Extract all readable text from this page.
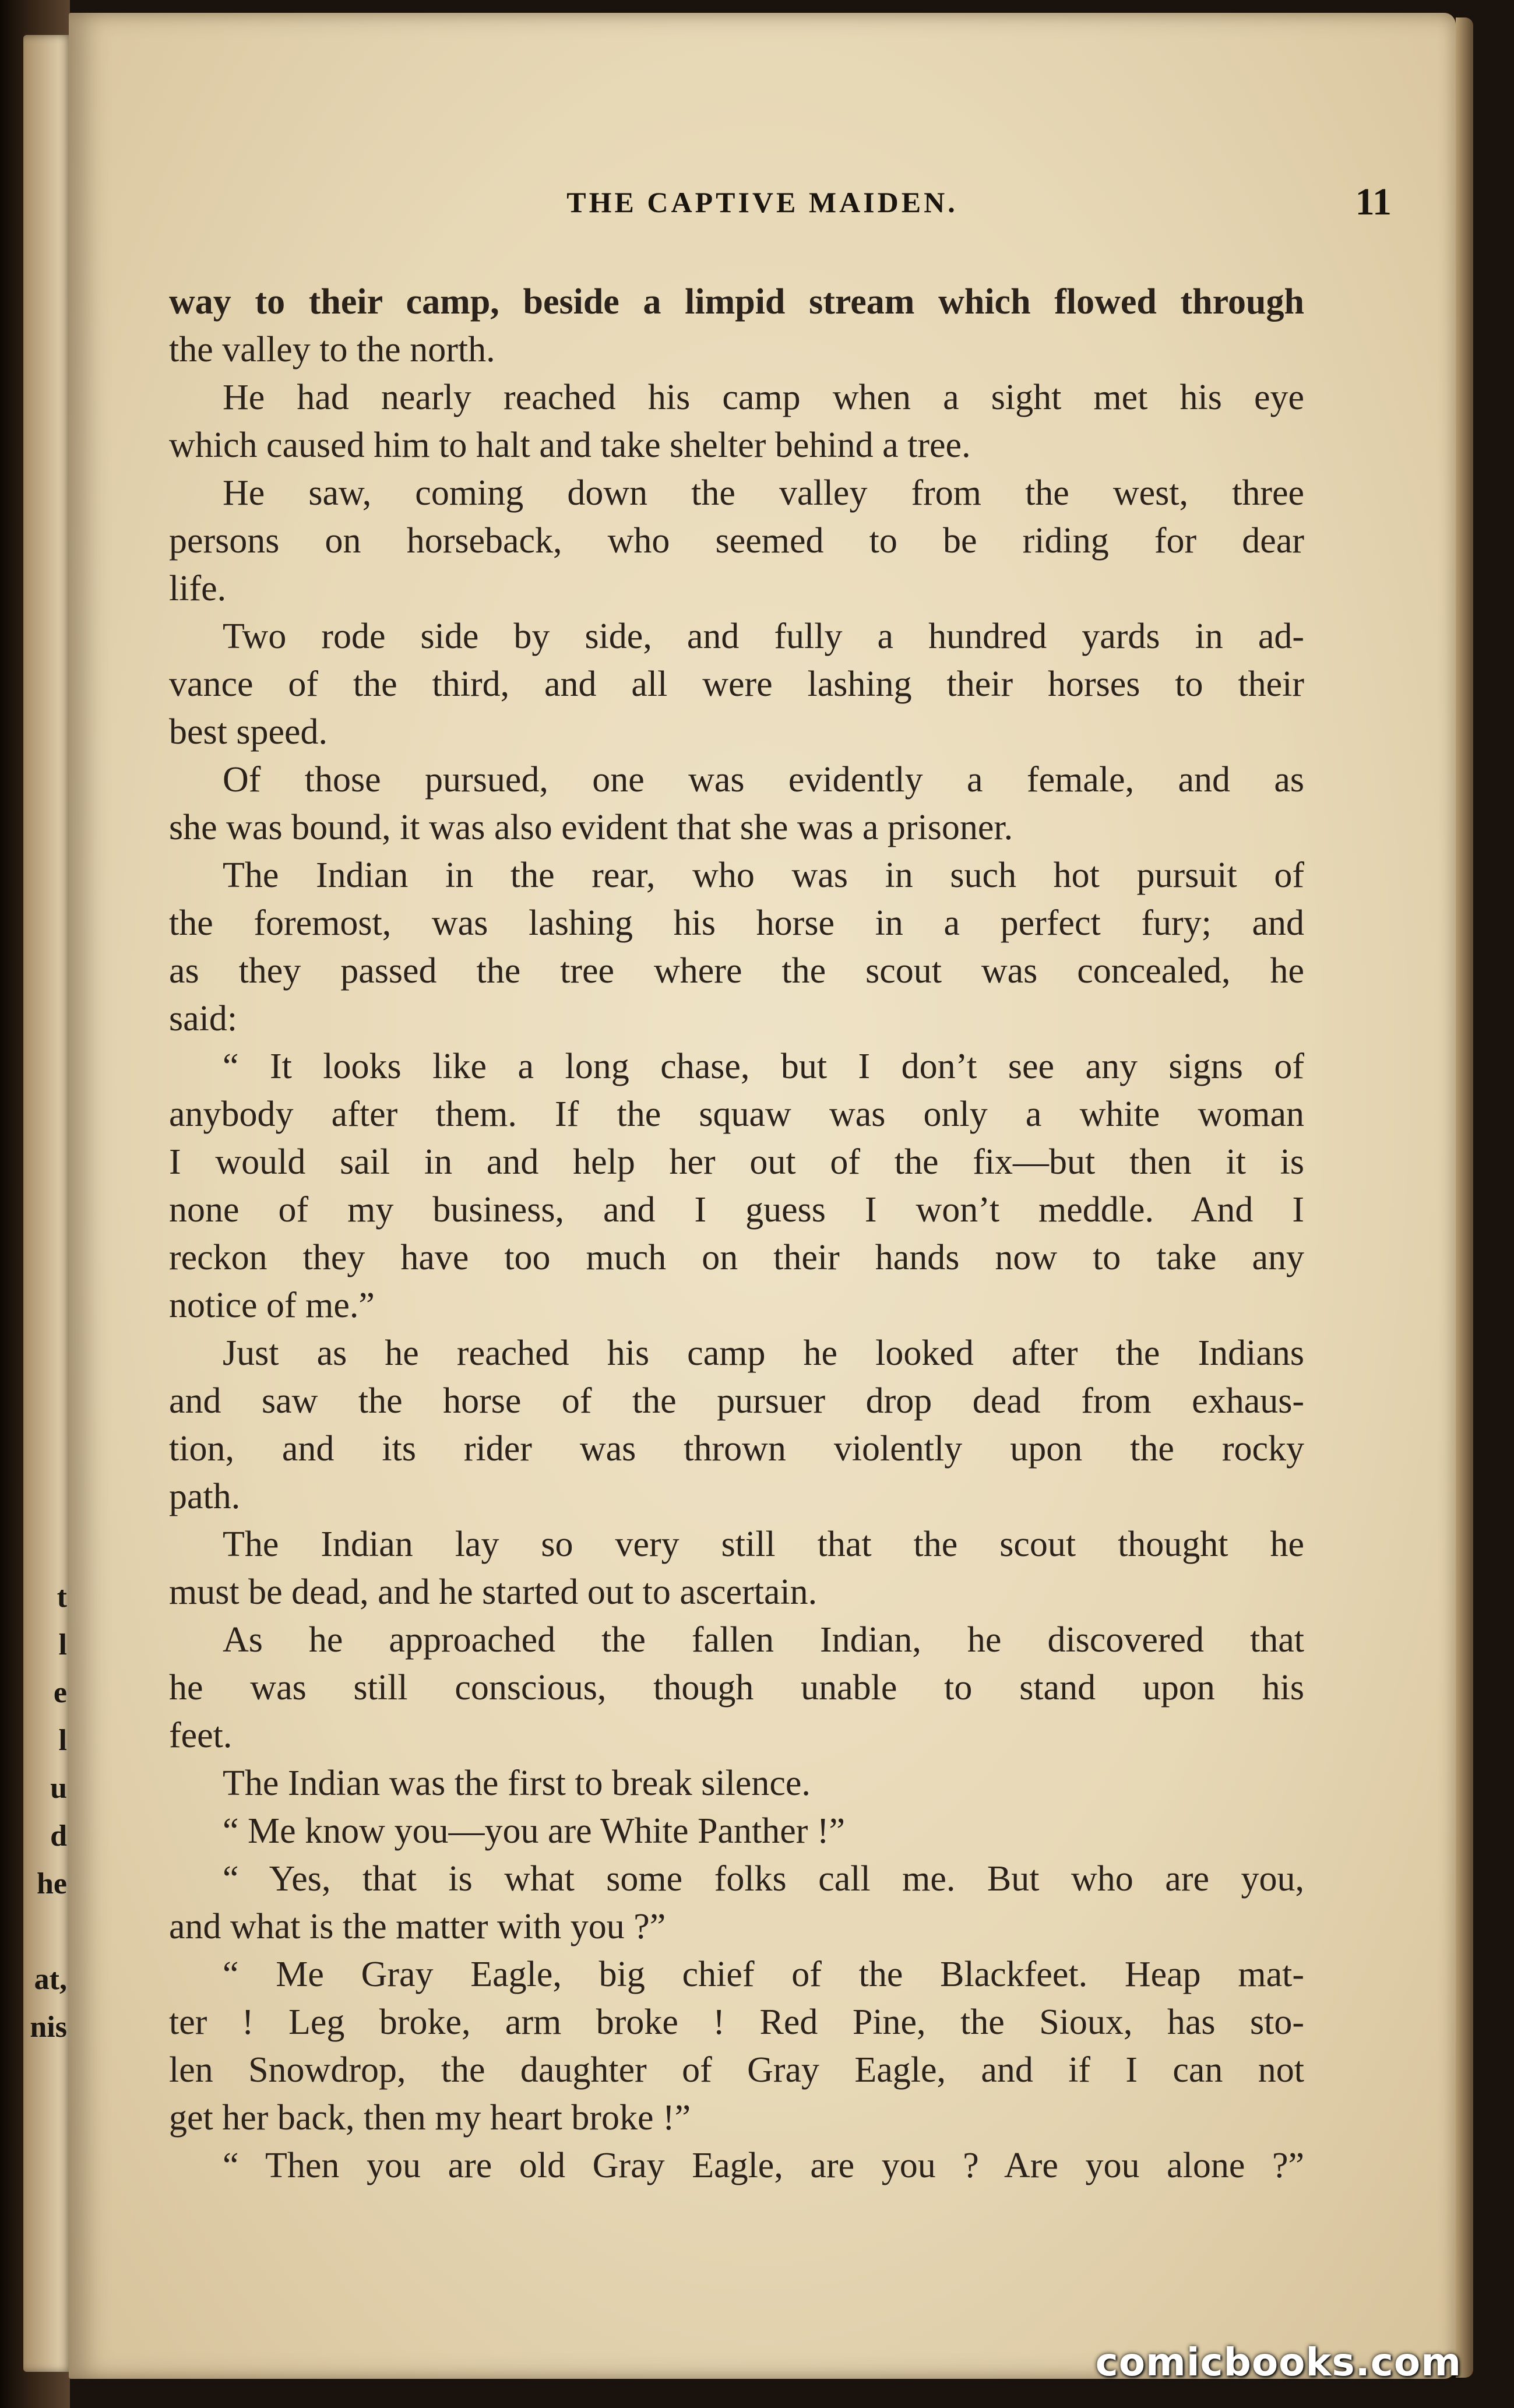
t
l
e
l
u
d
he
at,
nis
THE CAPTIVE MAIDEN.	11
way to their camp, beside a limpid stream which flowed through
the valley to the north.
He had nearly reached his camp when a sight met his eye
which caused him to halt and take shelter behind a tree.
He saw, coming down the valley from the west, three
persons on horseback, who seemed to be riding for dear
life.
Two rode side by side, and fully a hundred yards in ad-
vance of the third, and all were lashing their horses to their
best speed.
Of those pursued, one was evidently a female, and as
she was bound, it was also evident that she was a prisoner.
The Indian in the rear, who was in such hot pursuit of
the foremost, was lashing his horse in a perfect fury; and
as they passed the tree where the scout was concealed, he
said:
“ It looks like a long chase, but I don’t see any signs of
anybody after them. If the squaw was only a white woman
I would sail in and help her out of the fix—but then it is
none of my business, and I guess I won’t meddle. And I
reckon they have too much on their hands now to take any
notice of me.”
Just as he reached his camp he looked after the Indians
and saw the horse of the pursuer drop dead from exhaus-
tion, and its rider was thrown violently upon the rocky
path.
The Indian lay so very still that the scout thought he
must be dead, and he started out to ascertain.
As he approached the fallen Indian, he discovered that
he was still conscious, though unable to stand upon his
feet.
The Indian was the first to break silence.
“ Me know you—you are White Panther !”
“ Yes, that is what some folks call me. But who are you,
and what is the matter with you ?”
“ Me Gray Eagle, big chief of the Blackfeet. Heap mat-
ter ! Leg broke, arm broke ! Red Pine, the Sioux, has sto-
len Snowdrop, the daughter of Gray Eagle, and if I can not
get her back, then my heart broke !”
“ Then you are old Gray Eagle, are you ? Are you alone ?”
comicbooks.com
